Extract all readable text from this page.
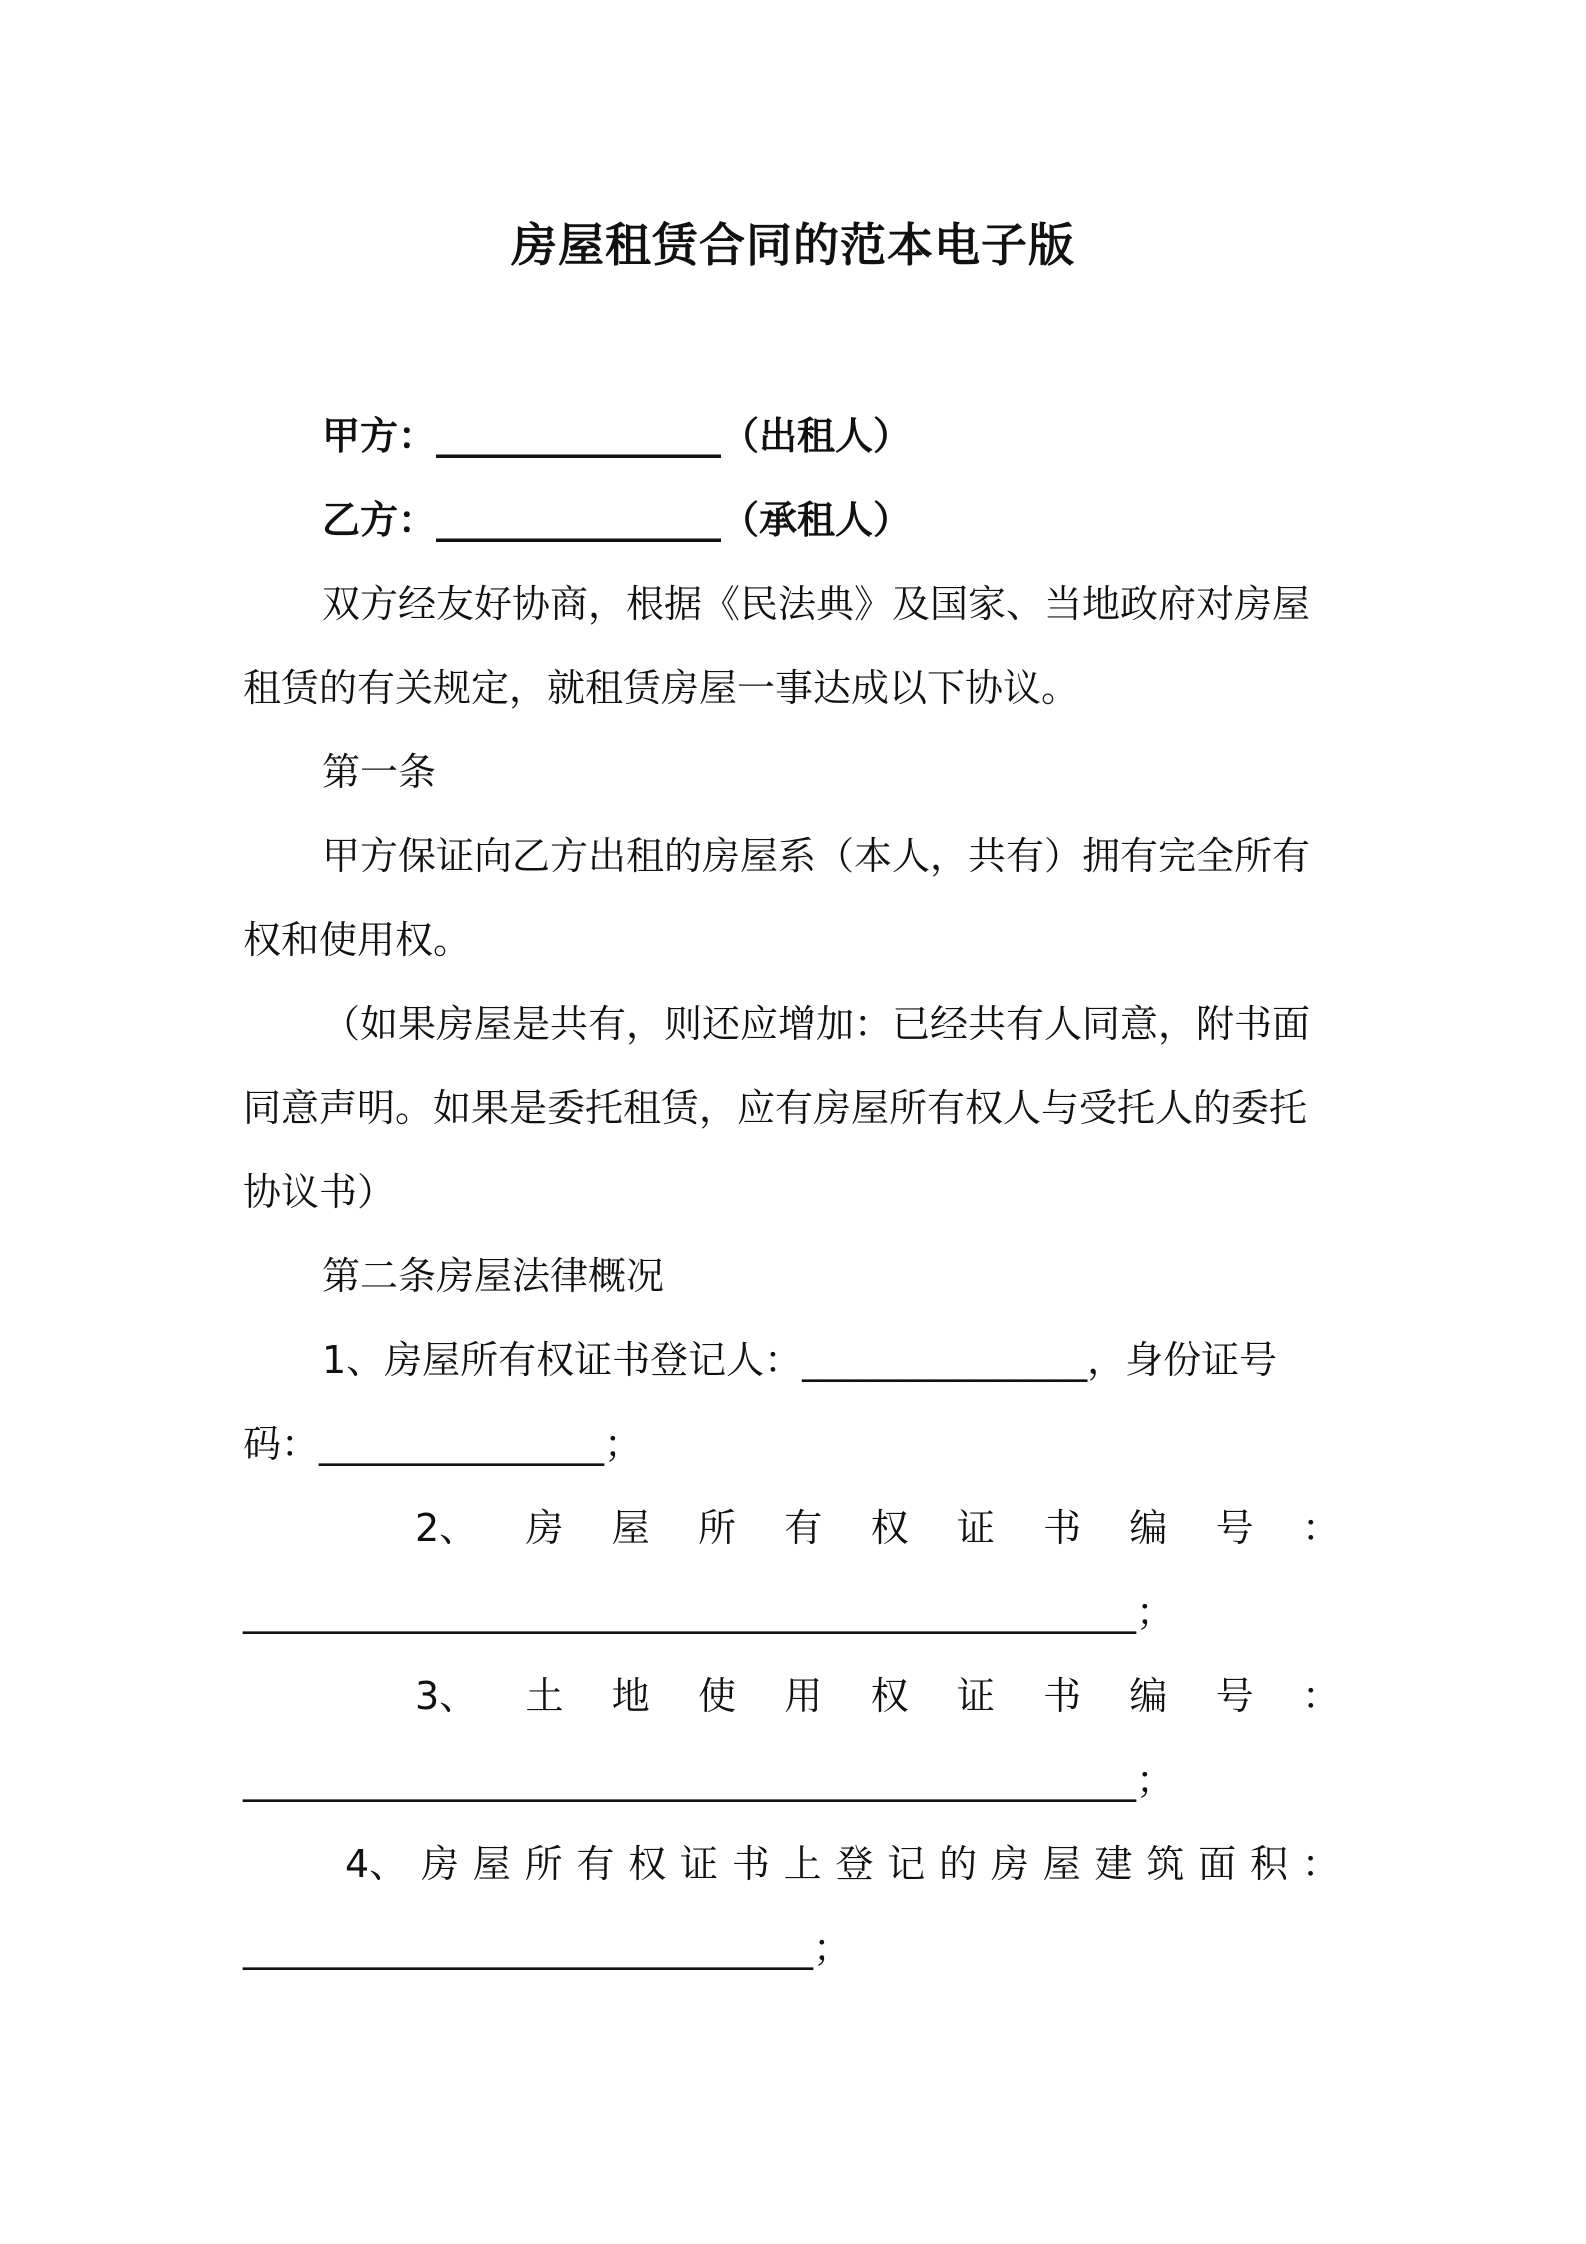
房屋租赁合同的范本电子版
甲方：_______________（出租人）
乙方：_______________（承租人）
双方经友好协商，根据《民法典》及国家、当地政府对房屋
租赁的有关规定，就租赁房屋一事达成以下协议。
第一条
甲方保证向乙方出租的房屋系（本人，共有）拥有完全所有
权和使用权。
（如果房屋是共有，则还应增加：已经共有人同意，附书面
同意声明。如果是委托租赁，应有房屋所有权人与受托人的委托
协议书）
第二条房屋法律概况
1、房屋所有权证书登记人：_______________，身份证号
码：_______________；
2、 房 屋 所 有 权 证 书 编 号 ：
_______________________________________________；
3、 土 地 使 用 权 证 书 编 号 ：
_______________________________________________；
4、 房 屋 所 有 权 证 书 上 登 记 的 房 屋 建 筑 面 积 ：
______________________________；
